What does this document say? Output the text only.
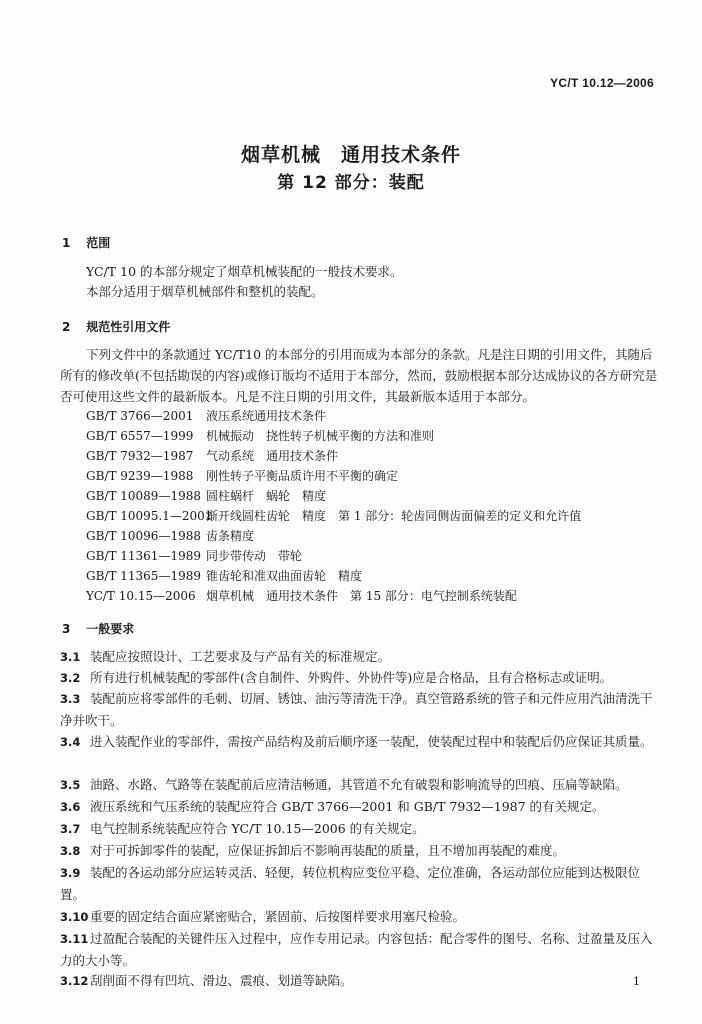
YC/T 10.12—2006
烟草机械　通用技术条件
第 12 部分：装配
1 范围
YC/T 10 的本部分规定了烟草机械装配的一般技术要求。
本部分适用于烟草机械部件和整机的装配。
2 规范性引用文件
下列文件中的条款通过 YC/T10 的本部分的引用而成为本部分的条款。凡是注日期的引用文件，其随后所有的修改单(不包括勘误的内容)或修订版均不适用于本部分，然而，鼓励根据本部分达成协议的各方研究是否可使用这些文件的最新版本。凡是不注日期的引用文件，其最新版本适用于本部分。
GB/T 3766—2001 液压系统通用技术条件
GB/T 6557—1999 机械振动　挠性转子机械平衡的方法和准则
GB/T 7932—1987 气动系统　通用技术条件
GB/T 9239—1988 刚性转子平衡品质许用不平衡的确定
GB/T 10089—1988 圆柱蜗杆　蜗轮　精度
GB/T 10095.1—2001渐开线圆柱齿轮　精度　第 1 部分：轮齿同侧齿面偏差的定义和允许值
GB/T 10096—1988 齿条精度
GB/T 11361—1989 同步带传动　带轮
GB/T 11365—1989 锥齿轮和准双曲面齿轮　精度
YC/T 10.15—2006 烟草机械　通用技术条件　第 15 部分：电气控制系统装配
3 一般要求
3.1 装配应按照设计、工艺要求及与产品有关的标准规定。
3.2 所有进行机械装配的零部件(含自制件、外购件、外协件等)应是合格品，且有合格标志或证明。
3.3 装配前应将零部件的毛刺、切屑、锈蚀、油污等清洗干净。真空管路系统的管子和元件应用汽油清洗干净并吹干。
3.4 进入装配作业的零部件，需按产品结构及前后顺序逐一装配，使装配过程中和装配后仍应保证其质量。
3.5 油路、水路、气路等在装配前后应清洁畅通，其管道不允有破裂和影响流导的凹痕、压扁等缺陷。
3.6 液压系统和气压系统的装配应符合 GB/T 3766—2001 和 GB/T 7932—1987 的有关规定。
3.7 电气控制系统装配应符合 YC/T 10.15—2006 的有关规定。
3.8 对于可拆卸零件的装配，应保证拆卸后不影响再装配的质量，且不增加再装配的难度。
3.9 装配的各运动部分应运转灵活、轻便，转位机构应变位平稳、定位准确，各运动部位应能到达极限位置。
3.10 重要的固定结合面应紧密贴合，紧固前、后按图样要求用塞尺检验。
3.11 过盈配合装配的关键件压入过程中，应作专用记录。内容包括：配合零件的图号、名称、过盈量及压入力的大小等。
3.12 刮削面不得有凹坑、滑边、震痕、划道等缺陷。	1
